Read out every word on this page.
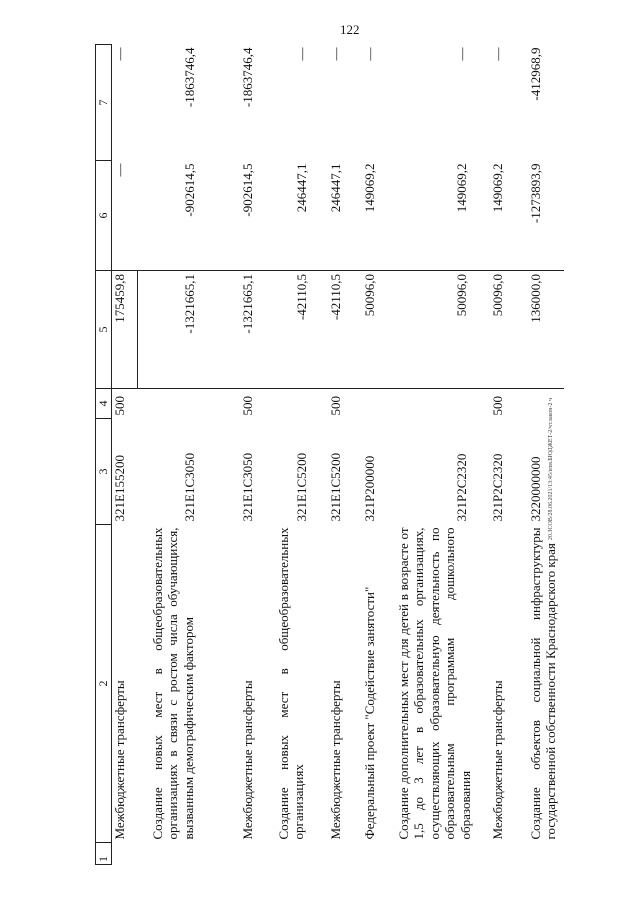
122
20.ЗСОВ/28.06.2021/13:45/изм.БЮДЖЕТ-2/чт.закон-2 ч
1	2	3	4	5	6	7
	Межбюджетные трансферты	321E155200	500	175459,8	—	—
	Создание новых мест в общеобразовательных организациях в связи с ростом числа обучающихся, вызванным демографическим фактором	321E1С3050		-1321665,1	-902614,5	-1863746,4
	Межбюджетные трансферты	321E1С3050	500	-1321665,1	-902614,5	-1863746,4
	Создание новых мест в общеобразовательных организациях	321E1С5200		-42110,5	246447,1	—
	Межбюджетные трансферты	321E1С5200	500	-42110,5	246447,1	—
	Федеральный проект "Содействие занятости"	321P200000		50096,0	149069,2	—
	Создание дополнительных мест для детей в возрасте от 1,5 до 3 лет в образовательных организациях, осуществляющих образовательную деятельность по образовательным программам дошкольного образования	321P2С2320		50096,0	149069,2	—
	Межбюджетные трансферты	321P2С2320	500	50096,0	149069,2	—
	Создание объектов социальной инфраструктуры государственной собственности Краснодарского края	3220000000		136000,0	-1273893,9	-412968,9
